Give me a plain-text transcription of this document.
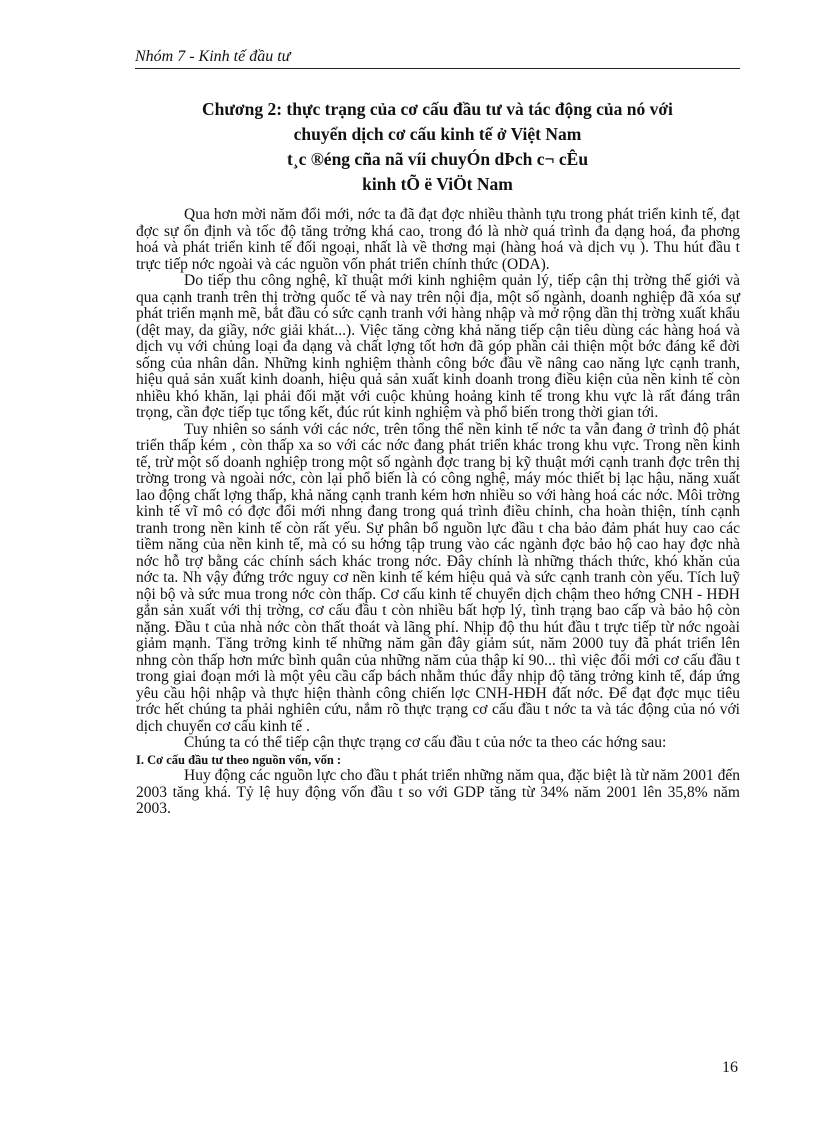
Nhóm 7 - Kinh tế đầu tư
Chương 2: thực trạng của cơ cấu đầu tư và tác động của nó với
chuyển dịch cơ cấu kinh tế ở Việt Nam
t¸c ®éng cña nã víi chuyÓn dÞch c¬ cÊu
kinh tÕ ë ViÖt Nam

Qua hơn mời năm đổi mới, nớc ta đã đạt đợc nhiều thành tựu trong phát triển kinh tế, đạt đợc sự ổn định và tốc độ tăng trởng khá cao, trong đó là nhờ quá trình đa dạng hoá, đa phơng hoá và phát triển kinh tế đối ngoại, nhất là về thơng mại (hàng hoá và dịch vụ ). Thu hút đầu t trực tiếp nớc ngoài và các nguồn vốn phát triển chính thức (ODA).

Do tiếp thu công nghệ, kĩ thuật mới kinh nghiệm quản lý, tiếp cận thị trờng thế giới và qua cạnh tranh trên thị trờng quốc tế và nay trên nội địa, một số ngành, doanh nghiệp đã xóa sự phát triển mạnh mẽ, bắt đầu có sức cạnh tranh với hàng nhập và mở rộng dần thị trờng xuất khẩu (dệt may, da giầy, nớc giải khát...). Việc tăng cờng khả năng tiếp cận tiêu dùng các hàng hoá và dịch vụ với chủng loại đa dạng và chất lợng tốt hơn đã góp phần cải thiện một bớc đáng kể đời sống của nhân dân. Những kinh nghiệm thành công bớc đầu về nâng cao năng lực cạnh tranh, hiệu quả sản xuất kinh doanh, hiệu quả sản xuất kinh doanh trong điều kiện của nền kinh tế còn nhiều khó khăn, lại phải đối mặt với cuộc khủng hoảng kinh tế trong khu vực là rất đáng trân trọng, cần đợc tiếp tục tổng kết, đúc rút kinh nghiệm và phổ biến trong thời gian tới.

Tuy nhiên so sánh với các nớc, trên tổng thể nền kinh tế nớc ta vẫn đang ở trình độ phát triển thấp kém , còn thấp xa so với các nớc đang phát triển khác trong khu vực. Trong nền kinh tế, trừ một số doanh nghiệp trong một số ngành đợc trang bị kỹ thuật mới cạnh tranh đợc trên thị trờng trong và ngoài nớc, còn lại phổ biến là có công nghệ, máy móc thiết bị lạc hậu, năng xuất lao động chất lợng thấp, khả năng cạnh tranh kém hơn nhiều so với hàng hoá các nớc. Môi trờng kinh tế vĩ mô có đợc đổi mới nhng đang trong quá trình điều chỉnh, cha hoàn thiện, tính cạnh tranh trong nền kinh tế còn rất yếu. Sự phân bổ nguồn lực đầu t cha bảo đảm phát huy cao các tiềm năng của nền kinh tế, mà có su hớng tập trung vào các ngành đợc bảo hộ cao hay đợc nhà nớc hỗ trợ bằng các chính sách khác trong nớc. Đây chính là những thách thức, khó khăn của nớc ta. Nh vậy đứng trớc nguy cơ nền kinh tế kém hiệu quả và sức cạnh tranh còn yếu. Tích luỹ nội bộ và sức mua trong nớc còn thấp. Cơ cấu kinh tế chuyển dịch chậm theo hớng CNH - HĐH gắn sản xuất với thị trờng, cơ cấu đầu t còn nhiều bất hợp lý, tình trạng bao cấp và bảo hộ còn nặng. Đầu t của nhà nớc còn thất thoát và lãng phí. Nhịp độ thu hút đầu t trực tiếp từ nớc ngoài giảm mạnh. Tăng trởng kinh tế những năm gần đây giảm sút, năm 2000 tuy đã phát triển lên nhng còn thấp hơn mức bình quân của những năm của thập kỉ 90... thì việc đổi mới cơ cấu đầu t trong giai đoạn mới là một yêu cầu cấp bách nhằm thúc đẩy nhịp độ tăng trởng kinh tế, đáp ứng yêu cầu hội nhập và thực hiện thành công chiến lợc CNH-HĐH đất nớc. Để đạt đợc mục tiêu trớc hết chúng ta phải nghiên cứu, nắm rõ thực trạng cơ cấu đầu t nớc ta và tác động của nó với dịch chuyển cơ cấu kinh tế .

Chúng ta có thể tiếp cận thực trạng cơ cấu đầu t của nớc ta theo các hớng sau:

I. Cơ cấu đầu tư theo nguồn vốn, vốn :

Huy động các nguồn lực cho đầu t phát triển những năm qua, đặc biệt là từ năm 2001 đến 2003 tăng khá. Tỷ lệ huy động vốn đầu t so với GDP tăng từ 34% năm 2001 lên 35,8% năm 2003.

16
